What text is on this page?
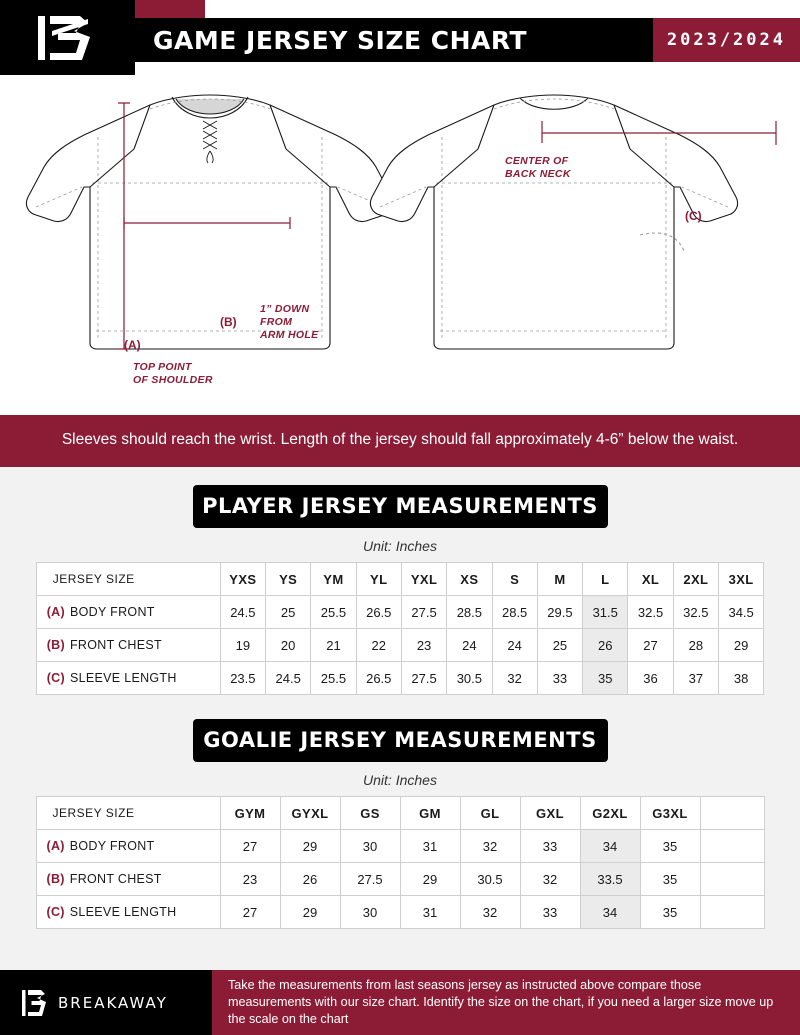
GAME JERSEY SIZE CHART	2023/2024
CENTER OF
BACK NECK
1” DOWN
FROM
ARM HOLE
TOP POINT
OF SHOULDER
(A)
(B)
(C)
Sleeves should reach the wrist. Length of the jersey should fall approximately 4-6” below the waist.
PLAYER JERSEY MEASUREMENTS
Unit: Inches
JERSEY SIZE	YXS	YS	YM	YL	YXL	XS	S	M	L	XL	2XL	3XL
(A) BODY FRONT	24.5	25	25.5	26.5	27.5	28.5	28.5	29.5	31.5	32.5	32.5	34.5
(B) FRONT CHEST	19	20	21	22	23	24	24	25	26	27	28	29
(C) SLEEVE LENGTH	23.5	24.5	25.5	26.5	27.5	30.5	32	33	35	36	37	38
GOALIE JERSEY MEASUREMENTS
Unit: Inches
JERSEY SIZE	GYM	GYXL	GS	GM	GL	GXL	G2XL	G3XL	
(A) BODY FRONT	27	29	30	31	32	33	34	35	
(B) FRONT CHEST	23	26	27.5	29	30.5	32	33.5	35	
(C) SLEEVE LENGTH	27	29	30	31	32	33	34	35	
BREAKAWAY
Take the measurements from last seasons jersey as instructed above compare those measurements with our size chart. Identify the size on the chart, if you need a larger size move up the scale on the chart
